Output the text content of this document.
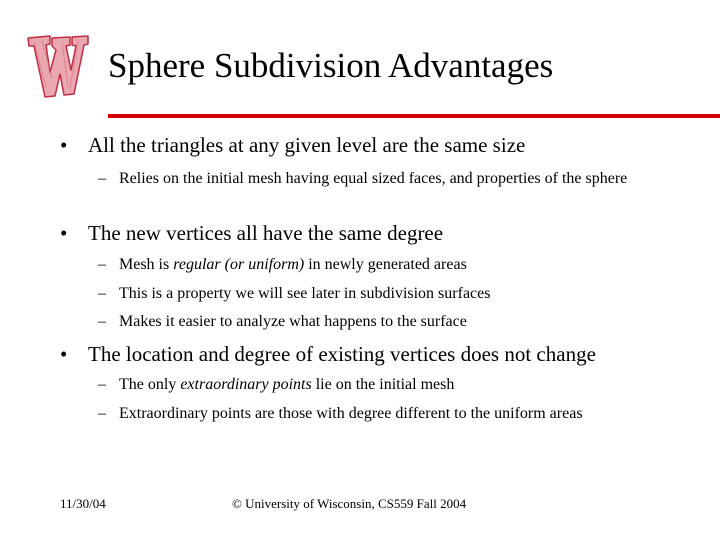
Sphere Subdivision Advantages
• All the triangles at any given level are the same size
– Relies on the initial mesh having equal sized faces, and properties of the sphere
• The new vertices all have the same degree
– Mesh is regular (or uniform) in newly generated areas
– This is a property we will see later in subdivision surfaces
– Makes it easier to analyze what happens to the surface
• The location and degree of existing vertices does not change
– The only extraordinary points lie on the initial mesh
– Extraordinary points are those with degree different to the uniform areas
11/30/04	© University of Wisconsin, CS559 Fall 2004
